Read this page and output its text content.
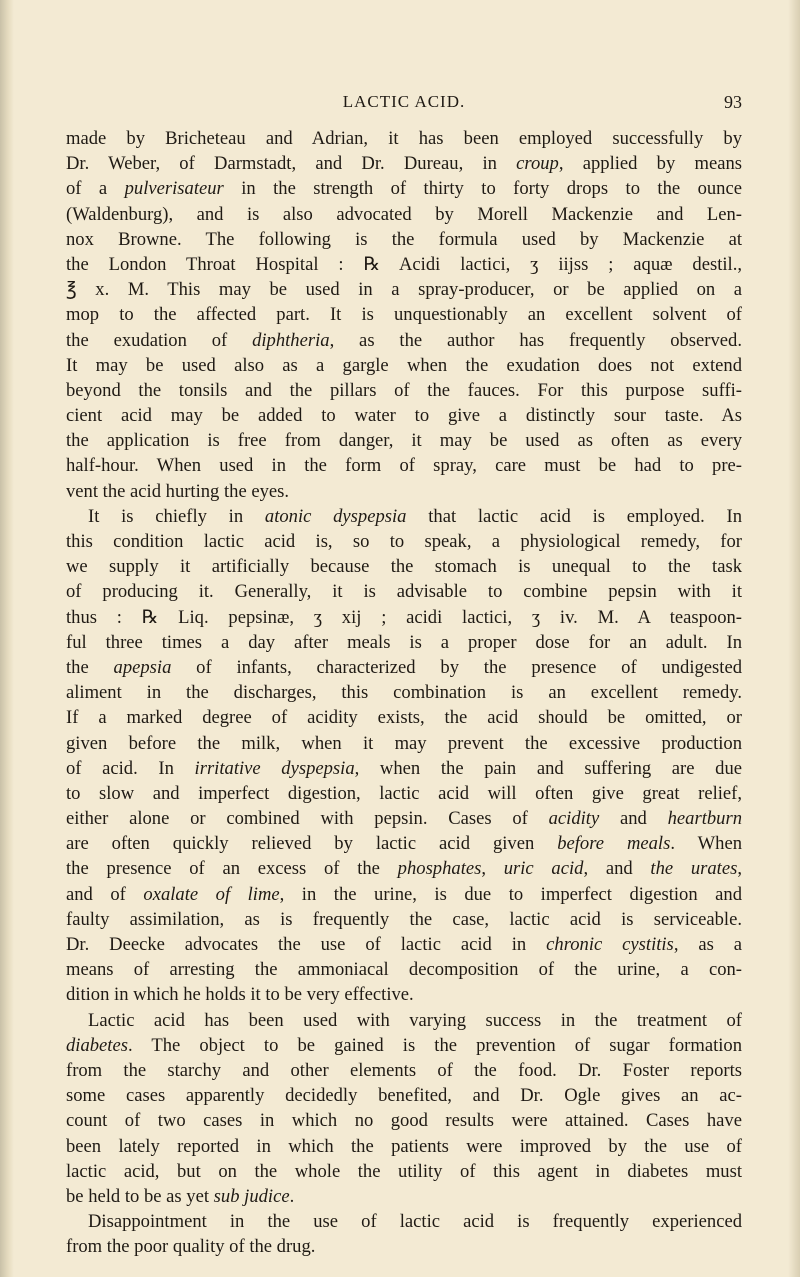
LACTIC ACID.	93
made by Bricheteau and Adrian, it has been employed successfully by
Dr. Weber, of Darmstadt, and Dr. Dureau, in croup, applied by means
of a pulverisateur in the strength of thirty to forty drops to the ounce
(Waldenburg), and is also advocated by Morell Mackenzie and Len-
nox Browne. The following is the formula used by Mackenzie at
the London Throat Hospital : ℞ Acidi lactici, ʒ iijss ; aquæ destil.,
℥ x. M. This may be used in a spray-producer, or be applied on a
mop to the affected part. It is unquestionably an excellent solvent of
the exudation of diphtheria, as the author has frequently observed.
It may be used also as a gargle when the exudation does not extend
beyond the tonsils and the pillars of the fauces. For this purpose suffi-
cient acid may be added to water to give a distinctly sour taste. As
the application is free from danger, it may be used as often as every
half-hour. When used in the form of spray, care must be had to pre-
vent the acid hurting the eyes.
It is chiefly in atonic dyspepsia that lactic acid is employed. In
this condition lactic acid is, so to speak, a physiological remedy, for
we supply it artificially because the stomach is unequal to the task
of producing it. Generally, it is advisable to combine pepsin with it
thus : ℞ Liq. pepsinæ, ʒ xij ; acidi lactici, ʒ iv. M. A teaspoon-
ful three times a day after meals is a proper dose for an adult. In
the apepsia of infants, characterized by the presence of undigested
aliment in the discharges, this combination is an excellent remedy.
If a marked degree of acidity exists, the acid should be omitted, or
given before the milk, when it may prevent the excessive production
of acid. In irritative dyspepsia, when the pain and suffering are due
to slow and imperfect digestion, lactic acid will often give great relief,
either alone or combined with pepsin. Cases of acidity and heartburn
are often quickly relieved by lactic acid given before meals. When
the presence of an excess of the phosphates, uric acid, and the urates,
and of oxalate of lime, in the urine, is due to imperfect digestion and
faulty assimilation, as is frequently the case, lactic acid is serviceable.
Dr. Deecke advocates the use of lactic acid in chronic cystitis, as a
means of arresting the ammoniacal decomposition of the urine, a con-
dition in which he holds it to be very effective.
Lactic acid has been used with varying success in the treatment of
diabetes. The object to be gained is the prevention of sugar formation
from the starchy and other elements of the food. Dr. Foster reports
some cases apparently decidedly benefited, and Dr. Ogle gives an ac-
count of two cases in which no good results were attained. Cases have
been lately reported in which the patients were improved by the use of
lactic acid, but on the whole the utility of this agent in diabetes must
be held to be as yet sub judice.
Disappointment in the use of lactic acid is frequently experienced
from the poor quality of the drug.
